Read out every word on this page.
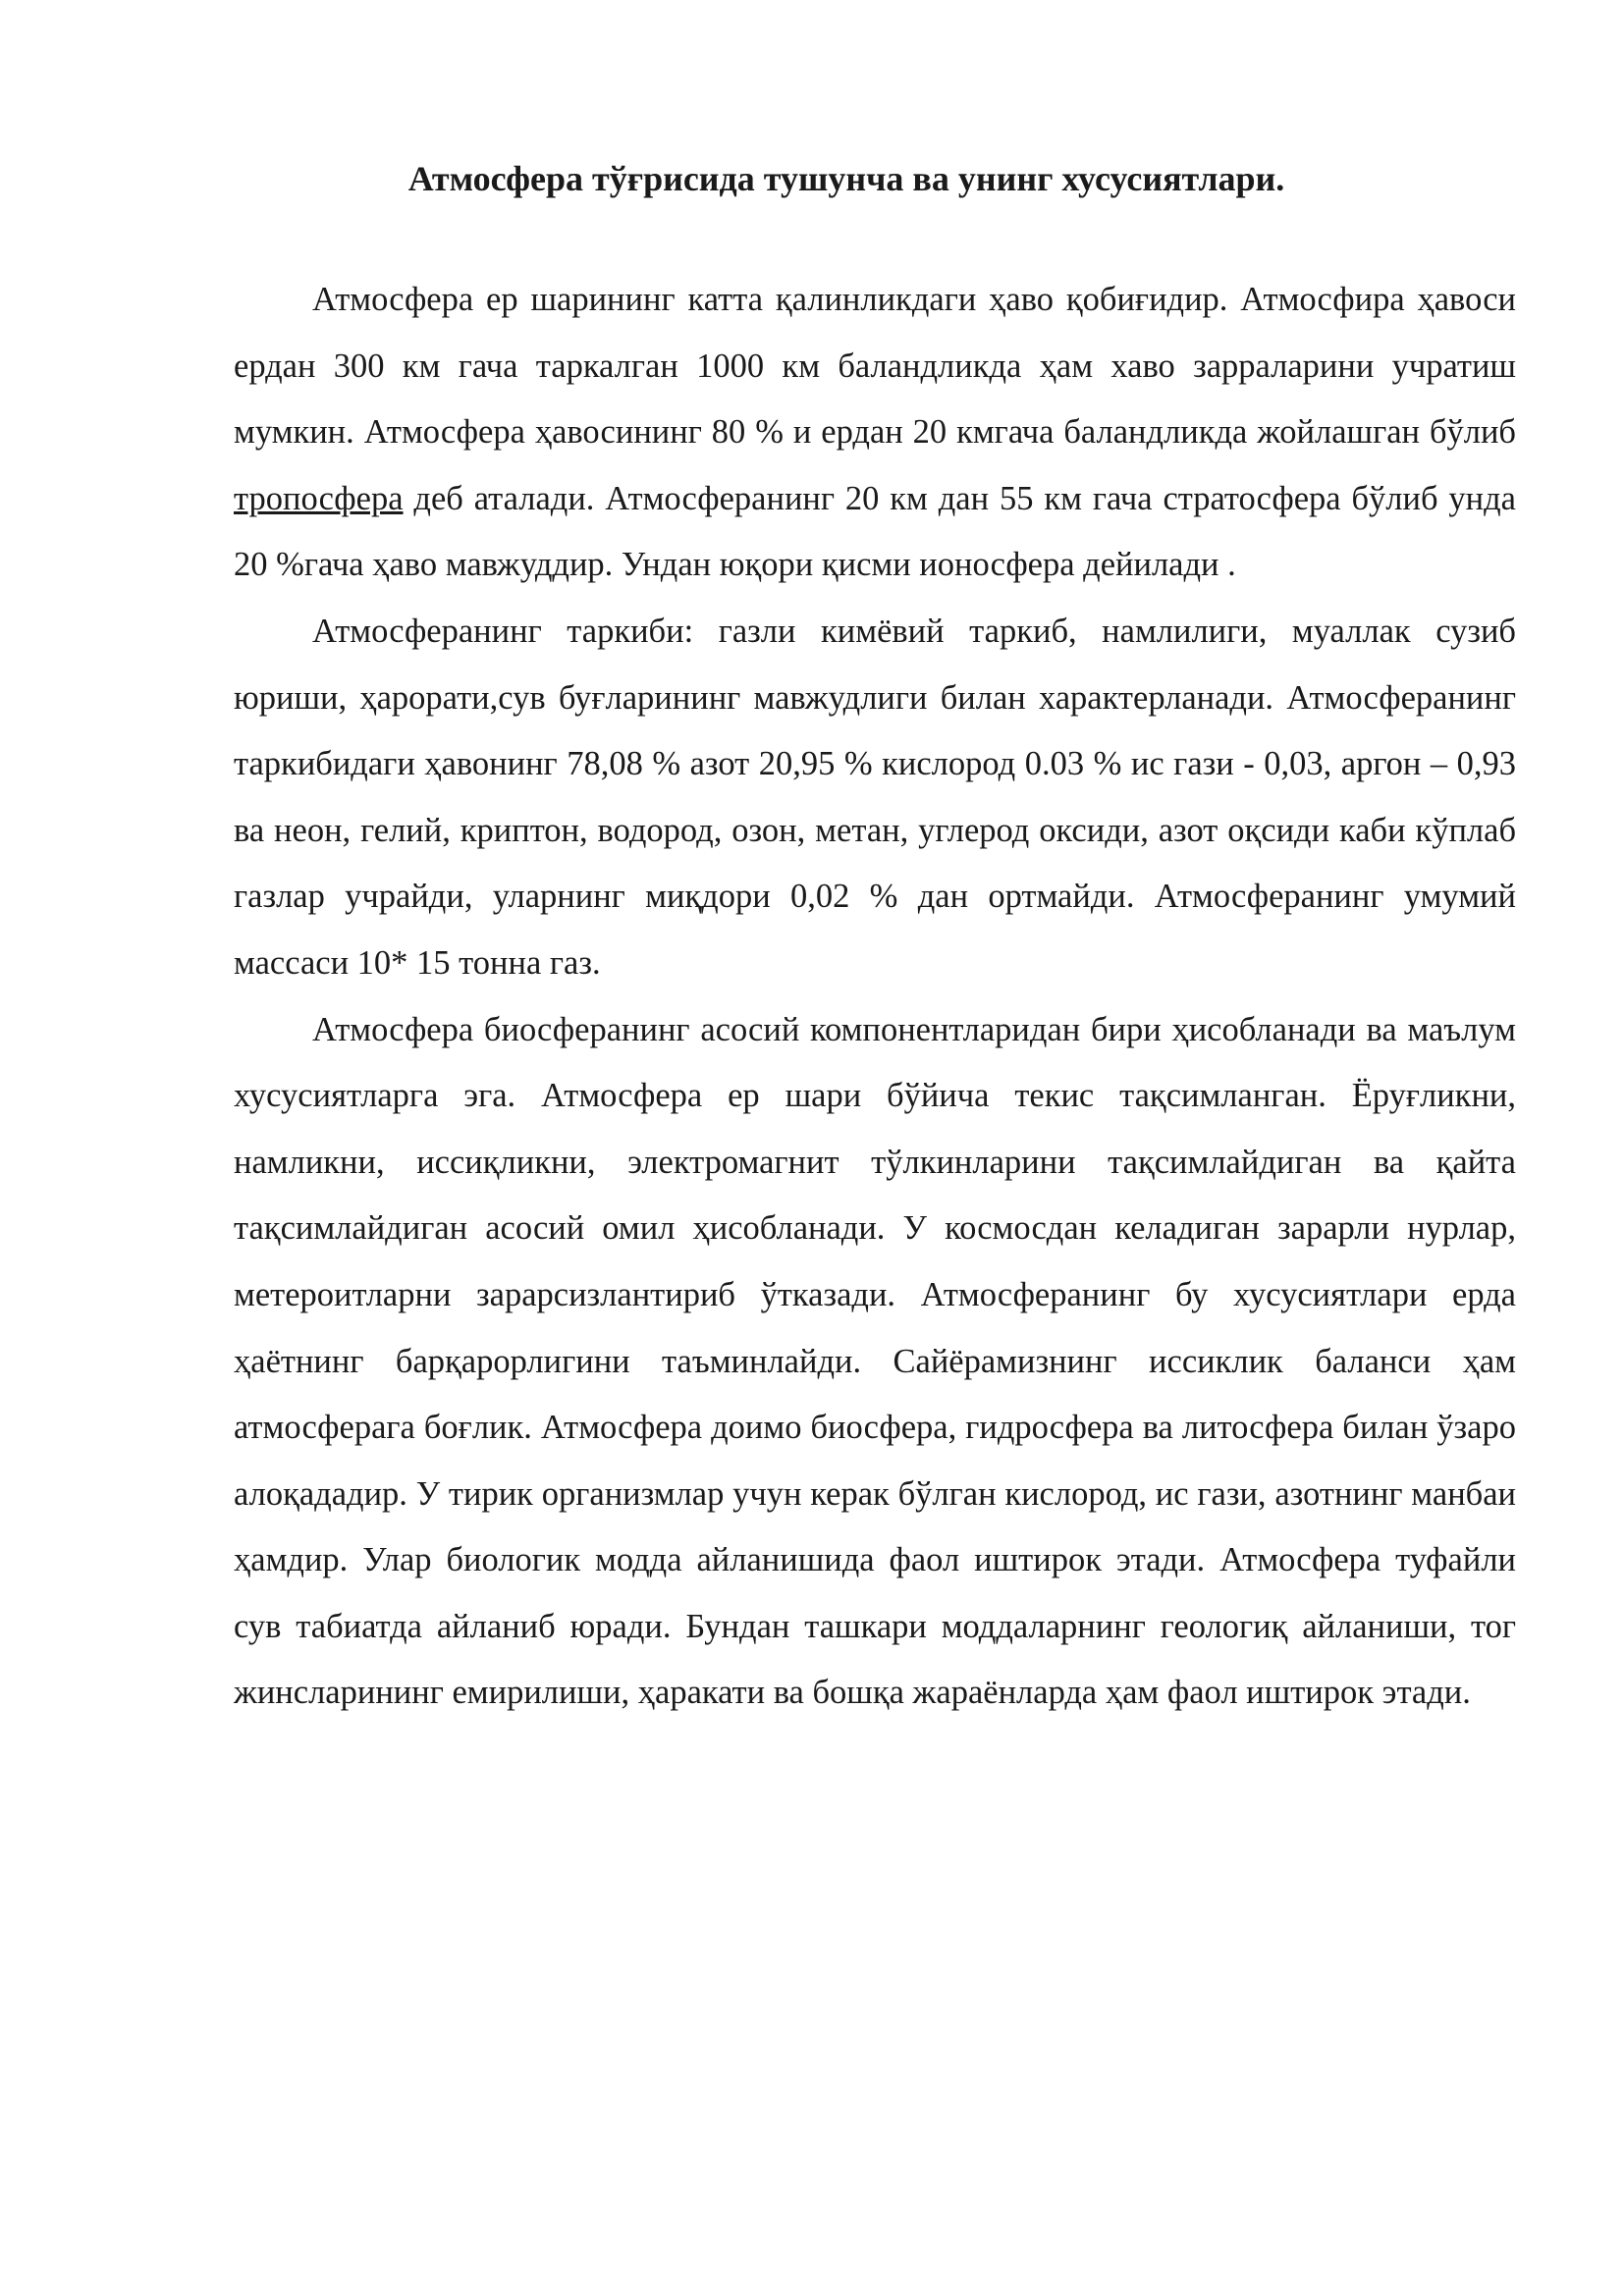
Атмосфера тўғрисида тушунча ва унинг хусусиятлари.

Атмосфера ер шарининг катта қалинликдаги ҳаво қобиғидир. Атмосфира ҳавоси ердан 300 км гача таркалган 1000 км баландликда ҳам хаво зарраларини учратиш мумкин. Атмосфера ҳавосининг 80 % и ердан 20 кмгача баландликда жойлашган бўлиб тропосфера деб аталади. Атмосферанинг 20 км дан 55 км гача стратосфера бўлиб унда 20 %гача ҳаво мавжуддир. Ундан юқори қисми ионосфера дейилади .

Атмосферанинг таркиби: газли кимёвий таркиб, намлилиги, муаллак сузиб юриши, ҳарорати,сув буғларининг мавжудлиги билан характерланади. Атмосферанинг таркибидаги ҳавонинг 78,08 % азот 20,95 % кислород 0.03 % ис гази - 0,03, аргон – 0,93 ва неон, гелий, криптон, водород, озон, метан, углерод оксиди, азот оқсиди каби кўплаб газлар учрайди, уларнинг миқдори 0,02 % дан ортмайди. Атмосферанинг умумий массаси 10* 15 тонна газ.

Атмосфера биосферанинг асосий компонентларидан бири ҳисобланади ва маълум хусусиятларга эга. Атмосфера ер шари бўйича текис тақсимланган. Ёруғликни, намликни, иссиқликни, электромагнит тўлкинларини тақсимлайдиган ва қайта тақсимлайдиган асосий омил ҳисобланади. У космосдан келадиган зарарли нурлар, метероитларни зарарсизлантириб ўтказади. Атмосферанинг бу хусусиятлари ерда ҳаётнинг барқарорлигини таъминлайди. Сайёрамизнинг иссиклик баланси ҳам атмосферага боғлик. Атмосфера доимо биосфера, гидросфера ва литосфера билан ўзаро алоқададир. У тирик организмлар учун керак бўлган кислород, ис гази, азотнинг манбаи ҳамдир. Улар биологик модда айланишида фаол иштирок этади. Атмосфера туфайли сув табиатда айланиб юради. Бундан ташкари моддаларнинг геологиқ айланиши, тог жинсларининг емирилиши, ҳаракати ва бошқа жараёнларда ҳам фаол иштирок этади.
